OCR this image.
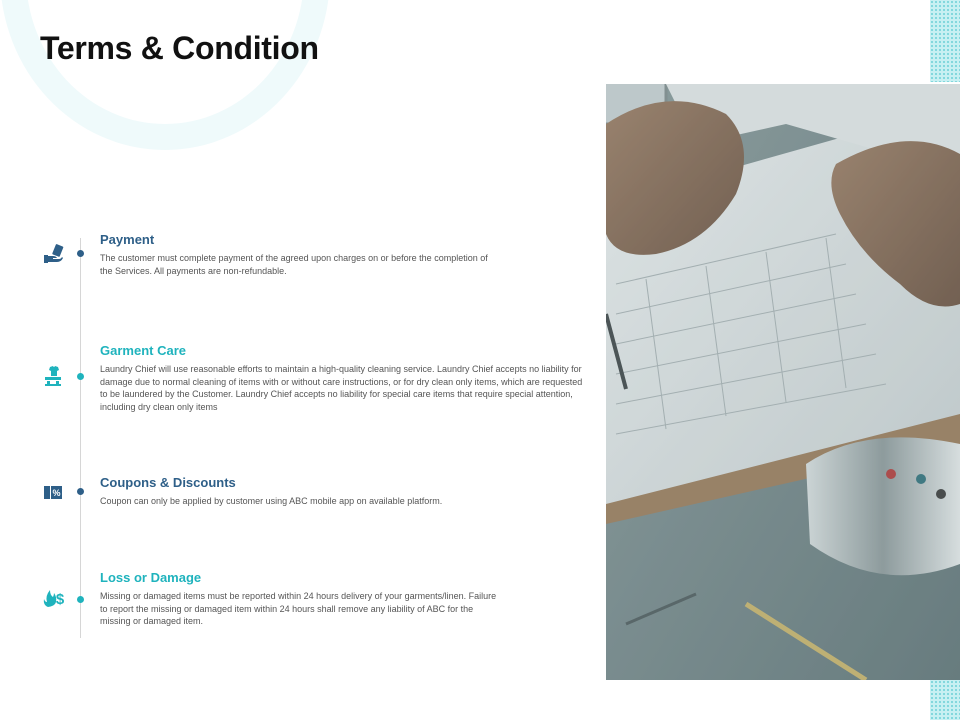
Terms & Condition
Payment

The customer must complete payment of the agreed upon charges on or before the completion of the Services. All payments are non-refundable.

Garment Care

Laundry Chief will use reasonable efforts to maintain a high-quality cleaning service. Laundry Chief accepts no liability for damage due to normal cleaning of items with or without care instructions, or for dry clean only items, which are requested to be laundered by the Customer. Laundry Chief accepts no liability for special care items that require special attention, including dry clean only items

%
Coupons & Discounts

Coupon can only be applied by customer using ABC mobile app on available platform.

$
Loss or Damage

Missing or damaged items must be reported within 24 hours delivery of your garments/linen. Failure to report the missing or damaged item within 24 hours shall remove any liability of ABC for the missing or damaged item.
